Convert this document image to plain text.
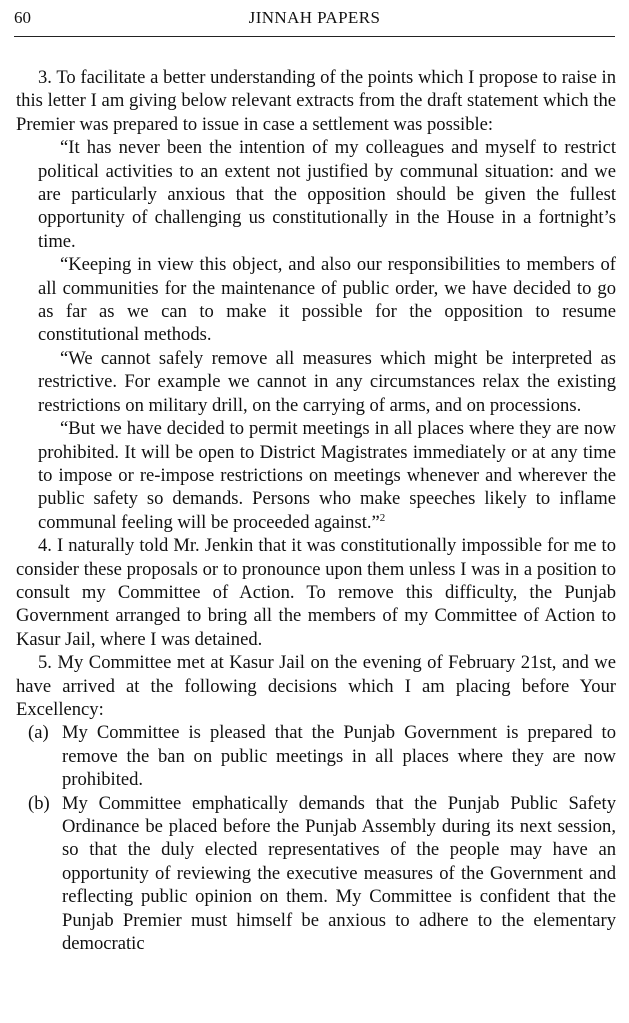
60	JINNAH PAPERS

3. To facilitate a better understanding of the points which I propose to raise in this letter I am giving below relevant extracts from the draft statement which the Premier was prepared to issue in case a settlement was possible:

“It has never been the intention of my colleagues and myself to restrict political activities to an extent not justified by communal situation: and we are particularly anxious that the opposition should be given the fullest opportunity of challenging us constitutionally in the House in a fortnight’s time.

“Keeping in view this object, and also our responsibilities to members of all communities for the maintenance of public order, we have decided to go as far as we can to make it possible for the opposition to resume constitutional methods.

“We cannot safely remove all measures which might be interpreted as restrictive. For example we cannot in any circumstances relax the existing restrictions on military drill, on the carrying of arms, and on processions.

“But we have decided to permit meetings in all places where they are now prohibited. It will be open to District Magistrates immediately or at any time to impose or re-impose restrictions on meetings whenever and wherever the public safety so demands. Persons who make speeches likely to inflame communal feeling will be proceeded against.”$^2$

4. I naturally told Mr. Jenkin that it was constitutionally impossible for me to consider these proposals or to pronounce upon them unless I was in a position to consult my Committee of Action. To remove this difficulty, the Punjab Government arranged to bring all the members of my Committee of Action to Kasur Jail, where I was detained.

5. My Committee met at Kasur Jail on the evening of February 21st, and we have arrived at the following decisions which I am placing before Your Excellency:

(a) My Committee is pleased that the Punjab Government is prepared to remove the ban on public meetings in all places where they are now prohibited.
(b) My Committee emphatically demands that the Punjab Public Safety Ordinance be placed before the Punjab Assembly during its next session, so that the duly elected representatives of the people may have an opportunity of reviewing the executive measures of the Government and reflecting public opinion on them. My Committee is confident that the Punjab Premier must himself be anxious to adhere to the elementary democratic
